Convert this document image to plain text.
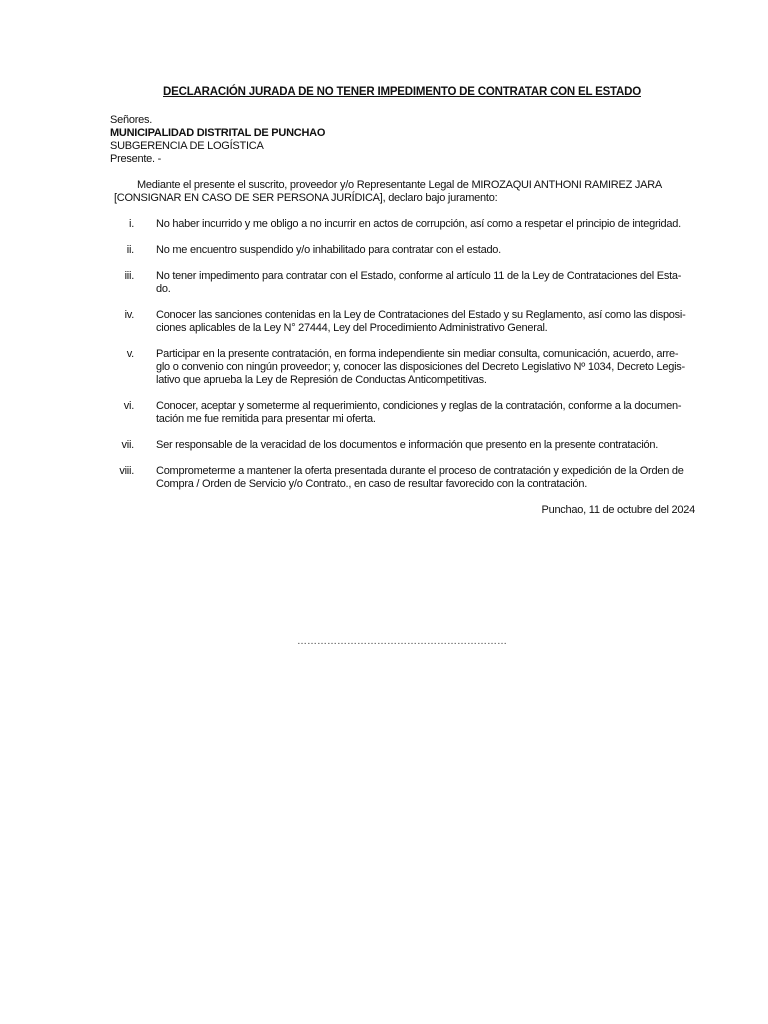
DECLARACIÓN JURADA DE NO TENER IMPEDIMENTO DE CONTRATAR CON EL ESTADO
Señores.
MUNICIPALIDAD DISTRITAL DE PUNCHAO
SUBGERENCIA DE LOGÍSTICA
Presente. -
Mediante el presente el suscrito, proveedor y/o Representante Legal de MIROZAQUI ANTHONI RAMIREZ JARA
[CONSIGNAR EN CASO DE SER PERSONA JURÍDICA], declaro bajo juramento:
i. No haber incurrido y me obligo a no incurrir en actos de corrupción, así como a respetar el principio de integridad.
ii. No me encuentro suspendido y/o inhabilitado para contratar con el estado.
iii. No tener impedimento para contratar con el Estado, conforme al artículo 11 de la Ley de Contrataciones del Esta-
do.
iv. Conocer las sanciones contenidas en la Ley de Contrataciones del Estado y su Reglamento, así como las disposi-
ciones aplicables de la Ley N° 27444, Ley del Procedimiento Administrativo General.
v. Participar en la presente contratación, en forma independiente sin mediar consulta, comunicación, acuerdo, arre-
glo o convenio con ningún proveedor; y, conocer las disposiciones del Decreto Legislativo Nº 1034, Decreto Legis-
lativo que aprueba la Ley de Represión de Conductas Anticompetitivas.
vi. Conocer, aceptar y someterme al requerimiento, condiciones y reglas de la contratación, conforme a la documen-
tación me fue remitida para presentar mi oferta.
vii. Ser responsable de la veracidad de los documentos e información que presento en la presente contratación.
viii. Comprometerme a mantener la oferta presentada durante el proceso de contratación y expedición de la Orden de
Compra / Orden de Servicio y/o Contrato., en caso de resultar favorecido con la contratación.
Punchao, 11 de octubre del 2024
………………………………………………………
